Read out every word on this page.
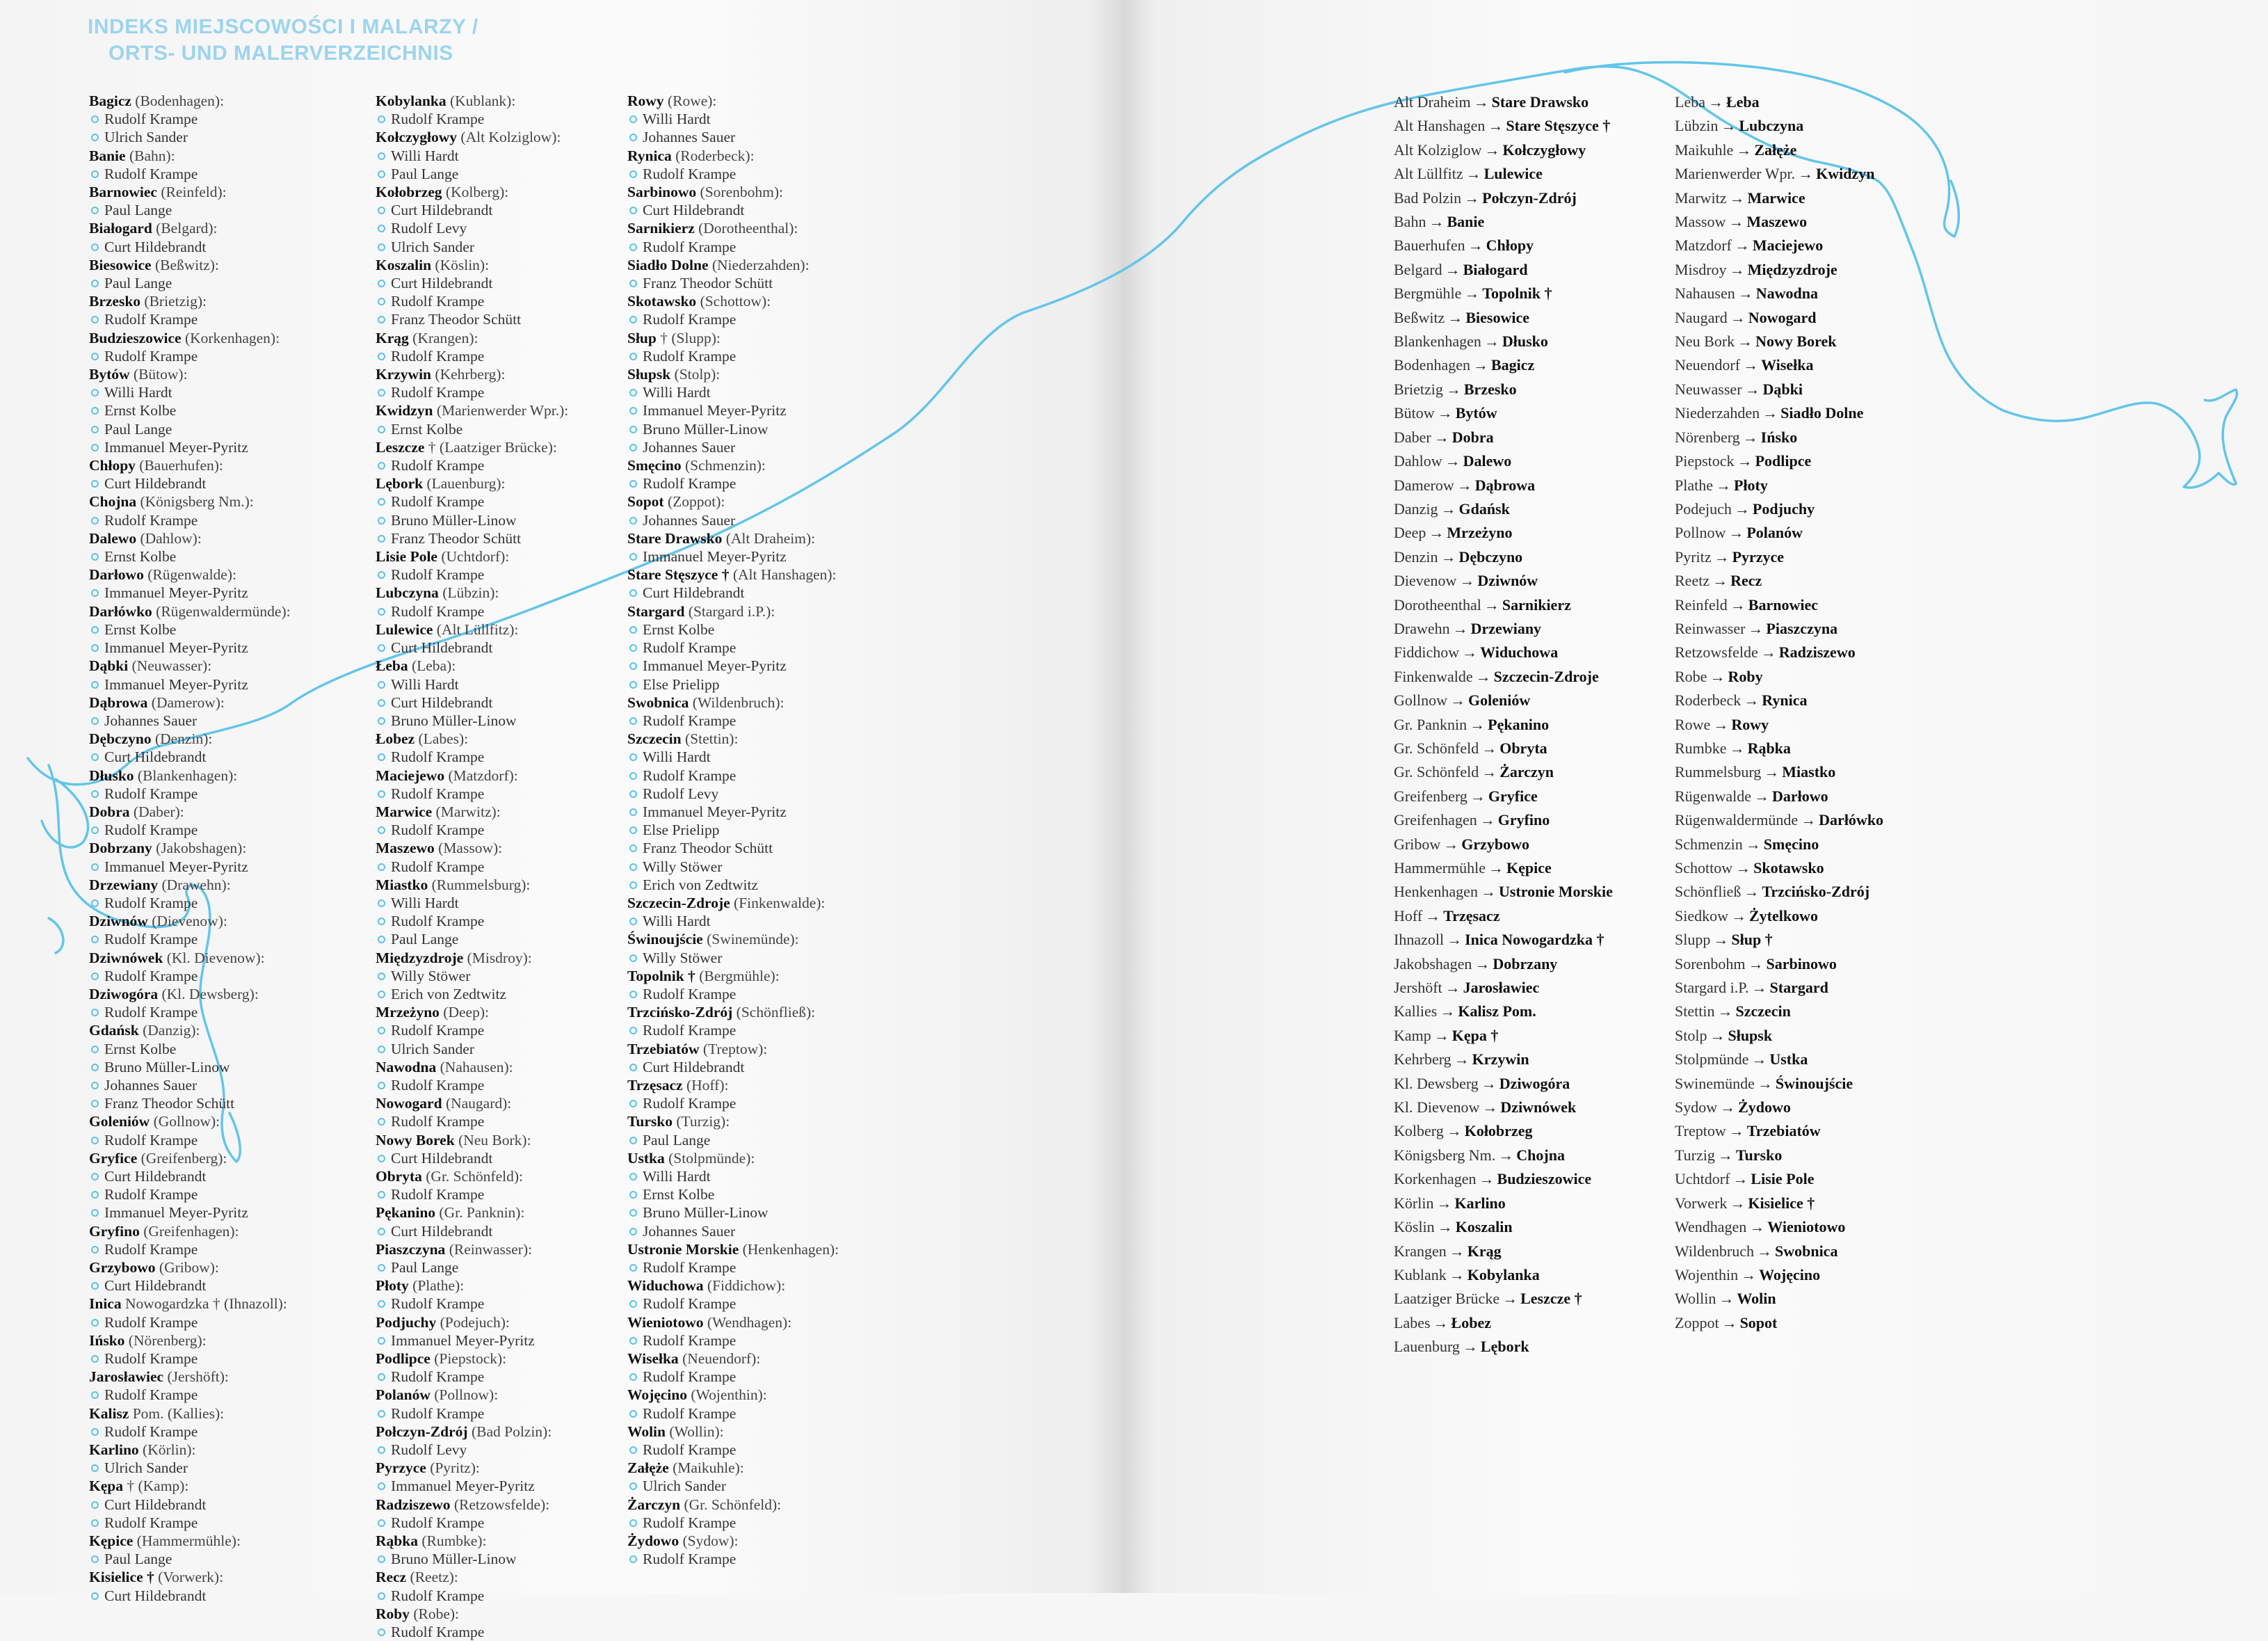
INDEKS MIEJSCOWOŚCI I MALARZY /
ORTS- UND MALERVERZEICHNIS
Bagicz (Bodenhagen):
Rudolf Krampe
Ulrich Sander
Banie (Bahn):
Rudolf Krampe
Barnowiec (Reinfeld):
Paul Lange
Białogard (Belgard):
Curt Hildebrandt
Biesowice (Beßwitz):
Paul Lange
Brzesko (Brietzig):
Rudolf Krampe
Budzieszowice (Korkenhagen):
Rudolf Krampe
Bytów (Bütow):
Willi Hardt
Ernst Kolbe
Paul Lange
Immanuel Meyer-Pyritz
Chłopy (Bauerhufen):
Curt Hildebrandt
Chojna (Königsberg Nm.):
Rudolf Krampe
Dalewo (Dahlow):
Ernst Kolbe
Darłowo (Rügenwalde):
Immanuel Meyer-Pyritz
Darłówko (Rügenwaldermünde):
Ernst Kolbe
Immanuel Meyer-Pyritz
Dąbki (Neuwasser):
Immanuel Meyer-Pyritz
Dąbrowa (Damerow):
Johannes Sauer
Dębczyno (Denzin):
Curt Hildebrandt
Dłusko (Blankenhagen):
Rudolf Krampe
Dobra (Daber):
Rudolf Krampe
Dobrzany (Jakobshagen):
Immanuel Meyer-Pyritz
Drzewiany (Drawehn):
Rudolf Krampe
Dziwnów (Dievenow):
Rudolf Krampe
Dziwnówek (Kl. Dievenow):
Rudolf Krampe
Dziwogóra (Kl. Dewsberg):
Rudolf Krampe
Gdańsk (Danzig):
Ernst Kolbe
Bruno Müller-Linow
Johannes Sauer
Franz Theodor Schütt
Goleniów (Gollnow):
Rudolf Krampe
Gryfice (Greifenberg):
Curt Hildebrandt
Rudolf Krampe
Immanuel Meyer-Pyritz
Gryfino (Greifenhagen):
Rudolf Krampe
Grzybowo (Gribow):
Curt Hildebrandt
Inica Nowogardzka † (Ihnazoll):
Rudolf Krampe
Ińsko (Nörenberg):
Rudolf Krampe
Jarosławiec (Jershöft):
Rudolf Krampe
Kalisz Pom. (Kallies):
Rudolf Krampe
Karlino (Körlin):
Ulrich Sander
Kępa † (Kamp):
Curt Hildebrandt
Rudolf Krampe
Kępice (Hammermühle):
Paul Lange
Kisielice † (Vorwerk):
Curt Hildebrandt
Kobylanka (Kublank):
Rudolf Krampe
Kołczygłowy (Alt Kolziglow):
Willi Hardt
Paul Lange
Kołobrzeg (Kolberg):
Curt Hildebrandt
Rudolf Levy
Ulrich Sander
Koszalin (Köslin):
Curt Hildebrandt
Rudolf Krampe
Franz Theodor Schütt
Krąg (Krangen):
Rudolf Krampe
Krzywin (Kehrberg):
Rudolf Krampe
Kwidzyn (Marienwerder Wpr.):
Ernst Kolbe
Leszcze † (Laatziger Brücke):
Rudolf Krampe
Lębork (Lauenburg):
Rudolf Krampe
Bruno Müller-Linow
Franz Theodor Schütt
Lisie Pole (Uchtdorf):
Rudolf Krampe
Lubczyna (Lübzin):
Rudolf Krampe
Lulewice (Alt Lüllfitz):
Curt Hildebrandt
Łeba (Leba):
Willi Hardt
Curt Hildebrandt
Bruno Müller-Linow
Łobez (Labes):
Rudolf Krampe
Maciejewo (Matzdorf):
Rudolf Krampe
Marwice (Marwitz):
Rudolf Krampe
Maszewo (Massow):
Rudolf Krampe
Miastko (Rummelsburg):
Willi Hardt
Rudolf Krampe
Paul Lange
Międzyzdroje (Misdroy):
Willy Stöwer
Erich von Zedtwitz
Mrzeżyno (Deep):
Rudolf Krampe
Ulrich Sander
Nawodna (Nahausen):
Rudolf Krampe
Nowogard (Naugard):
Rudolf Krampe
Nowy Borek (Neu Bork):
Curt Hildebrandt
Obryta (Gr. Schönfeld):
Rudolf Krampe
Pękanino (Gr. Panknin):
Curt Hildebrandt
Piaszczyna (Reinwasser):
Paul Lange
Płoty (Plathe):
Rudolf Krampe
Podjuchy (Podejuch):
Immanuel Meyer-Pyritz
Podlipce (Piepstock):
Rudolf Krampe
Polanów (Pollnow):
Rudolf Krampe
Połczyn-Zdrój (Bad Polzin):
Rudolf Levy
Pyrzyce (Pyritz):
Immanuel Meyer-Pyritz
Radziszewo (Retzowsfelde):
Rudolf Krampe
Rąbka (Rumbke):
Bruno Müller-Linow
Recz (Reetz):
Rudolf Krampe
Roby (Robe):
Rudolf Krampe
Rowy (Rowe):
Willi Hardt
Johannes Sauer
Rynica (Roderbeck):
Rudolf Krampe
Sarbinowo (Sorenbohm):
Curt Hildebrandt
Sarnikierz (Dorotheenthal):
Rudolf Krampe
Siadło Dolne (Niederzahden):
Franz Theodor Schütt
Skotawsko (Schottow):
Rudolf Krampe
Słup † (Slupp):
Rudolf Krampe
Słupsk (Stolp):
Willi Hardt
Immanuel Meyer-Pyritz
Bruno Müller-Linow
Johannes Sauer
Smęcino (Schmenzin):
Rudolf Krampe
Sopot (Zoppot):
Johannes Sauer
Stare Drawsko (Alt Draheim):
Immanuel Meyer-Pyritz
Stare Stęszyce † (Alt Hanshagen):
Curt Hildebrandt
Stargard (Stargard i.P.):
Ernst Kolbe
Rudolf Krampe
Immanuel Meyer-Pyritz
Else Prielipp
Swobnica (Wildenbruch):
Rudolf Krampe
Szczecin (Stettin):
Willi Hardt
Rudolf Krampe
Rudolf Levy
Immanuel Meyer-Pyritz
Else Prielipp
Franz Theodor Schütt
Willy Stöwer
Erich von Zedtwitz
Szczecin-Zdroje (Finkenwalde):
Willi Hardt
Świnoujście (Swinemünde):
Willy Stöwer
Topolnik † (Bergmühle):
Rudolf Krampe
Trzcińsko-Zdrój (Schönfließ):
Rudolf Krampe
Trzebiatów (Treptow):
Curt Hildebrandt
Trzęsacz (Hoff):
Rudolf Krampe
Tursko (Turzig):
Paul Lange
Ustka (Stolpmünde):
Willi Hardt
Ernst Kolbe
Bruno Müller-Linow
Johannes Sauer
Ustronie Morskie (Henkenhagen):
Rudolf Krampe
Widuchowa (Fiddichow):
Rudolf Krampe
Wieniotowo (Wendhagen):
Rudolf Krampe
Wisełka (Neuendorf):
Rudolf Krampe
Wojęcino (Wojenthin):
Rudolf Krampe
Wolin (Wollin):
Rudolf Krampe
Załęże (Maikuhle):
Ulrich Sander
Żarczyn (Gr. Schönfeld):
Rudolf Krampe
Żydowo (Sydow):
Rudolf Krampe
Alt Draheim → Stare Drawsko
Alt Hanshagen → Stare Stęszyce †
Alt Kolziglow → Kołczygłowy
Alt Lüllfitz → Lulewice
Bad Polzin → Połczyn-Zdrój
Bahn → Banie
Bauerhufen → Chłopy
Belgard → Białogard
Bergmühle → Topolnik †
Beßwitz → Biesowice
Blankenhagen → Dłusko
Bodenhagen → Bagicz
Brietzig → Brzesko
Bütow → Bytów
Daber → Dobra
Dahlow → Dalewo
Damerow → Dąbrowa
Danzig → Gdańsk
Deep → Mrzeżyno
Denzin → Dębczyno
Dievenow → Dziwnów
Dorotheenthal → Sarnikierz
Drawehn → Drzewiany
Fiddichow → Widuchowa
Finkenwalde → Szczecin-Zdroje
Gollnow → Goleniów
Gr. Panknin → Pękanino
Gr. Schönfeld → Obryta
Gr. Schönfeld → Żarczyn
Greifenberg → Gryfice
Greifenhagen → Gryfino
Gribow → Grzybowo
Hammermühle → Kępice
Henkenhagen → Ustronie Morskie
Hoff → Trzęsacz
Ihnazoll → Inica Nowogardzka †
Jakobshagen → Dobrzany
Jershöft → Jarosławiec
Kallies → Kalisz Pom.
Kamp → Kępa †
Kehrberg → Krzywin
Kl. Dewsberg → Dziwogóra
Kl. Dievenow → Dziwnówek
Kolberg → Kołobrzeg
Königsberg Nm. → Chojna
Korkenhagen → Budzieszowice
Körlin → Karlino
Köslin → Koszalin
Krangen → Krąg
Kublank → Kobylanka
Laatziger Brücke → Leszcze †
Labes → Łobez
Lauenburg → Lębork
Leba → Łeba
Lübzin → Lubczyna
Maikuhle → Załęże
Marienwerder Wpr. → Kwidzyn
Marwitz → Marwice
Massow → Maszewo
Matzdorf → Maciejewo
Misdroy → Międzyzdroje
Nahausen → Nawodna
Naugard → Nowogard
Neu Bork → Nowy Borek
Neuendorf → Wisełka
Neuwasser → Dąbki
Niederzahden → Siadło Dolne
Nörenberg → Ińsko
Piepstock → Podlipce
Plathe → Płoty
Podejuch → Podjuchy
Pollnow → Polanów
Pyritz → Pyrzyce
Reetz → Recz
Reinfeld → Barnowiec
Reinwasser → Piaszczyna
Retzowsfelde → Radziszewo
Robe → Roby
Roderbeck → Rynica
Rowe → Rowy
Rumbke → Rąbka
Rummelsburg → Miastko
Rügenwalde → Darłowo
Rügenwaldermünde → Darłówko
Schmenzin → Smęcino
Schottow → Skotawsko
Schönfließ → Trzcińsko-Zdrój
Siedkow → Żytelkowo
Slupp → Słup †
Sorenbohm → Sarbinowo
Stargard i.P. → Stargard
Stettin → Szczecin
Stolp → Słupsk
Stolpmünde → Ustka
Swinemünde → Świnoujście
Sydow → Żydowo
Treptow → Trzebiatów
Turzig → Tursko
Uchtdorf → Lisie Pole
Vorwerk → Kisielice †
Wendhagen → Wieniotowo
Wildenbruch → Swobnica
Wojenthin → Wojęcino
Wollin → Wolin
Zoppot → Sopot
